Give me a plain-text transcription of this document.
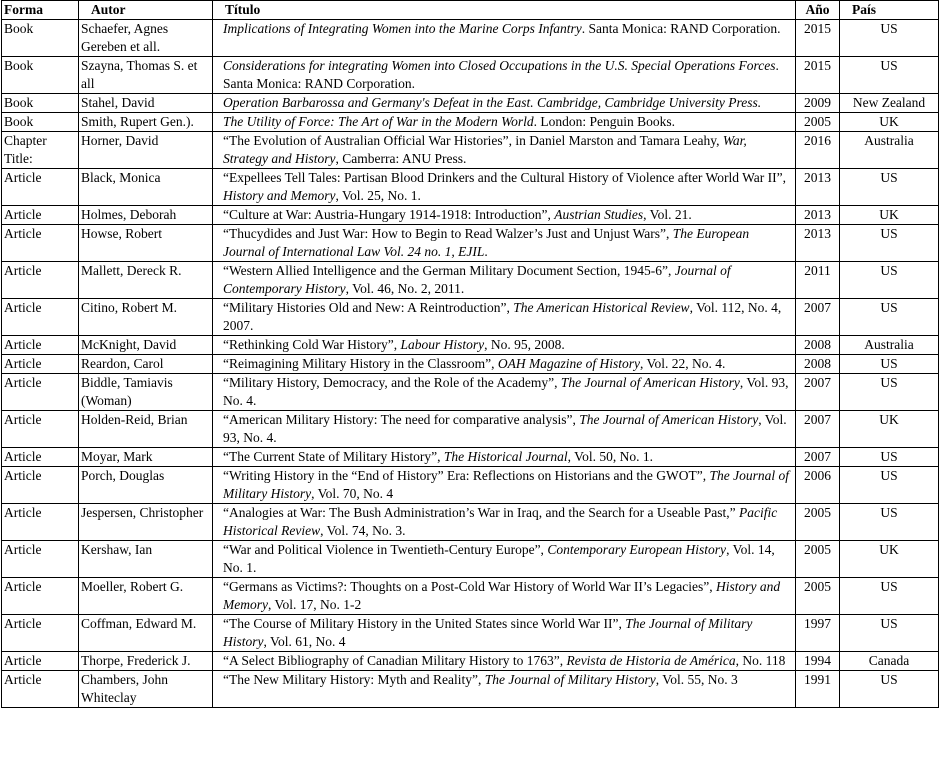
Forma	Autor	Título	Año	País
Book	Schaefer, Agnes Gereben et all.	Implications of Integrating Women into the Marine Corps Infantry. Santa Monica: RAND Corporation.	2015	US
Book	Szayna, Thomas S. et all	Considerations for integrating Women into Closed Occupations in the U.S. Special Operations Forces. Santa Monica: RAND Corporation.	2015	US
Book	Stahel, David	Operation Barbarossa and Germany's Defeat in the East. Cambridge, Cambridge University Press.	2009	New Zealand
Book	Smith, Rupert Gen.).	The Utility of Force: The Art of War in the Modern World. London: Penguin Books.	2005	UK
Chapter Title:	Horner, David	“The Evolution of Australian Official War Histories”, in Daniel Marston and Tamara Leahy, War, Strategy and History, Camberra: ANU Press.	2016	Australia
Article	Black, Monica	“Expellees Tell Tales: Partisan Blood Drinkers and the Cultural History of Violence after World War II”, History and Memory, Vol. 25, No. 1.	2013	US
Article	Holmes, Deborah	“Culture at War: Austria-Hungary 1914-1918: Introduction”, Austrian Studies, Vol. 21.	2013	UK
Article	Howse, Robert	“Thucydides and Just War: How to Begin to Read Walzer’s Just and Unjust Wars”, The European Journal of International Law Vol. 24 no. 1, EJIL.	2013	US
Article	Mallett, Dereck R.	“Western Allied Intelligence and the German Military Document Section, 1945-6”, Journal of Contemporary History, Vol. 46, No. 2, 2011.	2011	US
Article	Citino, Robert M.	“Military Histories Old and New: A Reintroduction”, The American Historical Review, Vol. 112, No. 4, 2007.	2007	US
Article	McKnight, David	“Rethinking Cold War History”, Labour History, No. 95, 2008.	2008	Australia
Article	Reardon, Carol	“Reimagining Military History in the Classroom”, OAH Magazine of History, Vol. 22, No. 4.	2008	US
Article	Biddle, Tamiavis (Woman)	“Military History, Democracy, and the Role of the Academy”, The Journal of American History, Vol. 93, No. 4.	2007	US
Article	Holden-Reid, Brian	“American Military History: The need for comparative analysis”, The Journal of American History, Vol. 93, No. 4.	2007	UK
Article	Moyar, Mark	“The Current State of Military History”, The Historical Journal, Vol. 50, No. 1.	2007	US
Article	Porch, Douglas	“Writing History in the “End of History” Era: Reflections on Historians and the GWOT”, The Journal of Military History, Vol. 70, No. 4	2006	US
Article	Jespersen, Christopher	“Analogies at War: The Bush Administration’s War in Iraq, and the Search for a Useable Past,” Pacific Historical Review, Vol. 74, No. 3.	2005	US
Article	Kershaw, Ian	“War and Political Violence in Twentieth-Century Europe”, Contemporary European History, Vol. 14, No. 1.	2005	UK
Article	Moeller, Robert G.	“Germans as Victims?: Thoughts on a Post-Cold War History of World War II’s Legacies”, History and Memory, Vol. 17, No. 1-2	2005	US
Article	Coffman, Edward M.	“The Course of Military History in the United States since World War II”, The Journal of Military History, Vol. 61, No. 4	1997	US
Article	Thorpe, Frederick J.	“A Select Bibliography of Canadian Military History to 1763”, Revista de Historia de América, No. 118	1994	Canada
Article	Chambers, John Whiteclay	“The New Military History: Myth and Reality”, The Journal of Military History, Vol. 55, No. 3	1991	US
